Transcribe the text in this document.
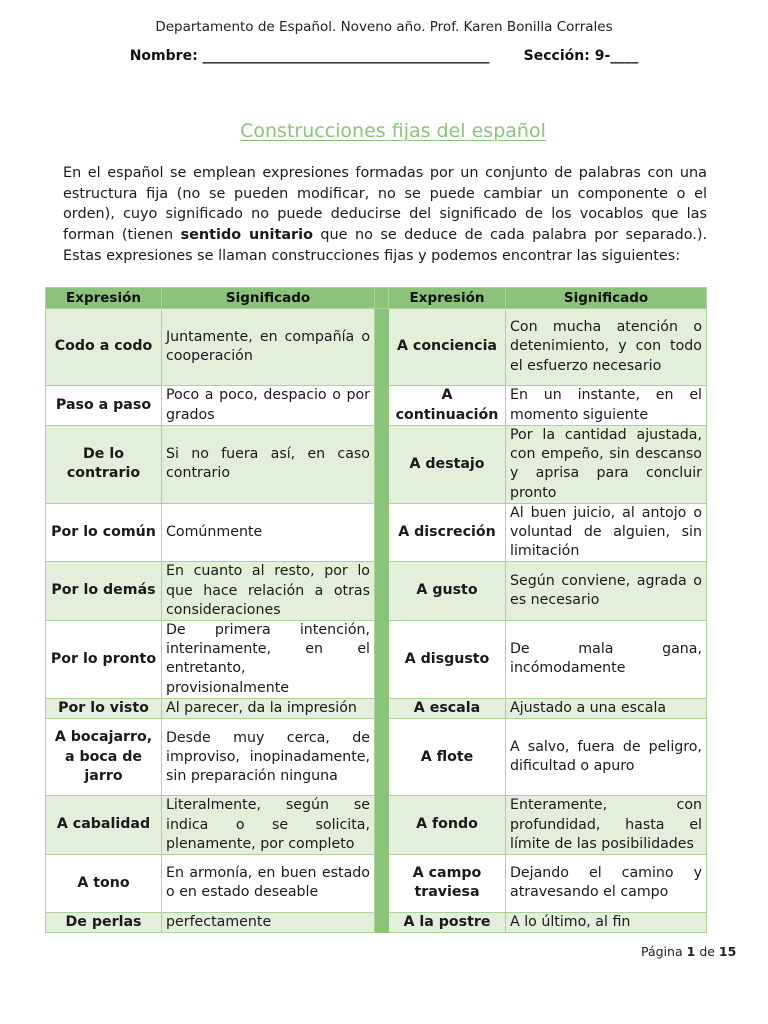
Departamento de Español. Noveno año. Prof. Karen Bonilla Corrales
Nombre: _________________________________________ Sección: 9-____
Construcciones fijas del español
En el español se emplean expresiones formadas por un conjunto de palabras con una estructura fija (no se pueden modificar, no se puede cambiar un componente o el orden), cuyo significado no puede deducirse del significado de los vocablos que las forman (tienen sentido unitario que no se deduce de cada palabra por separado.). Estas expresiones se llaman construcciones fijas y podemos encontrar las siguientes:
Expresión	Significado		Expresión	Significado
Codo a codo	Juntamente, en compañía o cooperación		A conciencia	Con mucha atención o detenimiento, y con todo el esfuerzo necesario
Paso a paso	Poco a poco, despacio o por grados		A continuación	En un instante, en el momento siguiente
De lo contrario	Si no fuera así, en caso contrario		A destajo	Por la cantidad ajustada, con empeño, sin descanso y aprisa para concluir pronto
Por lo común	Comúnmente		A discreción	Al buen juicio, al antojo o voluntad de alguien, sin limitación
Por lo demás	En cuanto al resto, por lo que hace relación a otras consideraciones		A gusto	Según conviene, agrada o es necesario
Por lo pronto	De primera intención, interinamente, en el entretanto, provisionalmente		A disgusto	De mala gana, incómodamente
Por lo visto	Al parecer, da la impresión		A escala	Ajustado a una escala
A bocajarro, a boca de jarro	Desde muy cerca, de improviso, inopinadamente, sin preparación ninguna		A flote	A salvo, fuera de peligro, dificultad o apuro
A cabalidad	Literalmente, según se indica o se solicita, plenamente, por completo		A fondo	Enteramente, con profundidad, hasta el límite de las posibilidades
A tono	En armonía, en buen estado o en estado deseable		A campo traviesa	Dejando el camino y atravesando el campo
De perlas	perfectamente		A la postre	A lo último, al fin
Página 1 de 15
